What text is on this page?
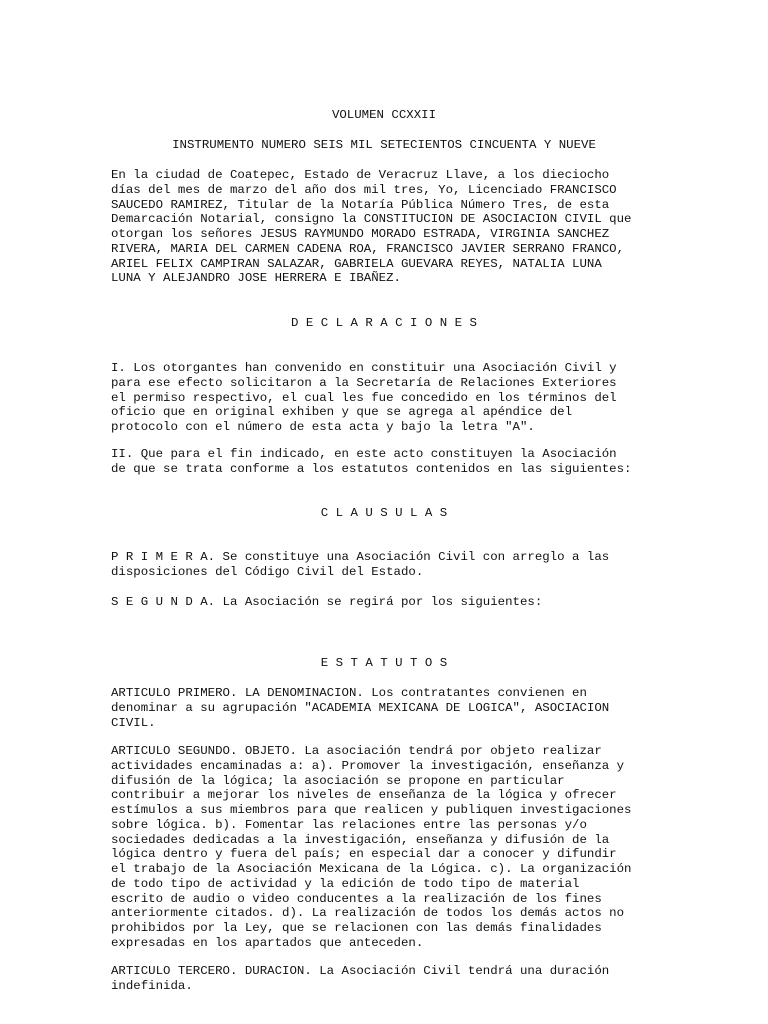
VOLUMEN CCXXII
INSTRUMENTO NUMERO SEIS MIL SETECIENTOS CINCUENTA Y NUEVE
En la ciudad de Coatepec, Estado de Veracruz Llave, a los dieciocho
días del mes de marzo del año dos mil tres, Yo, Licenciado FRANCISCO
SAUCEDO RAMIREZ, Titular de la Notaría Pública Número Tres, de esta
Demarcación Notarial, consigno la CONSTITUCION DE ASOCIACION CIVIL que
otorgan los señores JESUS RAYMUNDO MORADO ESTRADA, VIRGINIA SANCHEZ
RIVERA, MARIA DEL CARMEN CADENA ROA, FRANCISCO JAVIER SERRANO FRANCO,
ARIEL FELIX CAMPIRAN SALAZAR, GABRIELA GUEVARA REYES, NATALIA LUNA
LUNA Y ALEJANDRO JOSE HERRERA E IBAÑEZ.
D E C L A R A C I O N E S
I. Los otorgantes han convenido en constituir una Asociación Civil y
para ese efecto solicitaron a la Secretaría de Relaciones Exteriores
el permiso respectivo, el cual les fue concedido en los términos del
oficio que en original exhiben y que se agrega al apéndice del
protocolo con el número de esta acta y bajo la letra "A".
II. Que para el fin indicado, en este acto constituyen la Asociación
de que se trata conforme a los estatutos contenidos en las siguientes:
C L A U S U L A S
P R I M E R A. Se constituye una Asociación Civil con arreglo a las
disposiciones del Código Civil del Estado.
S E G U N D A. La Asociación se regirá por los siguientes:
E S T A T U T O S
ARTICULO PRIMERO. LA DENOMINACION. Los contratantes convienen en
denominar a su agrupación "ACADEMIA MEXICANA DE LOGICA", ASOCIACION
CIVIL.
ARTICULO SEGUNDO. OBJETO. La asociación tendrá por objeto realizar
actividades encaminadas a: a). Promover la investigación, enseñanza y
difusión de la lógica; la asociación se propone en particular
contribuir a mejorar los niveles de enseñanza de la lógica y ofrecer
estímulos a sus miembros para que realicen y publiquen investigaciones
sobre lógica. b). Fomentar las relaciones entre las personas y/o
sociedades dedicadas a la investigación, enseñanza y difusión de la
lógica dentro y fuera del país; en especial dar a conocer y difundir
el trabajo de la Asociación Mexicana de la Lógica. c). La organización
de todo tipo de actividad y la edición de todo tipo de material
escrito de audio o video conducentes a la realización de los fines
anteriormente citados. d). La realización de todos los demás actos no
prohibidos por la Ley, que se relacionen con las demás finalidades
expresadas en los apartados que anteceden.
ARTICULO TERCERO. DURACION. La Asociación Civil tendrá una duración
indefinida.
